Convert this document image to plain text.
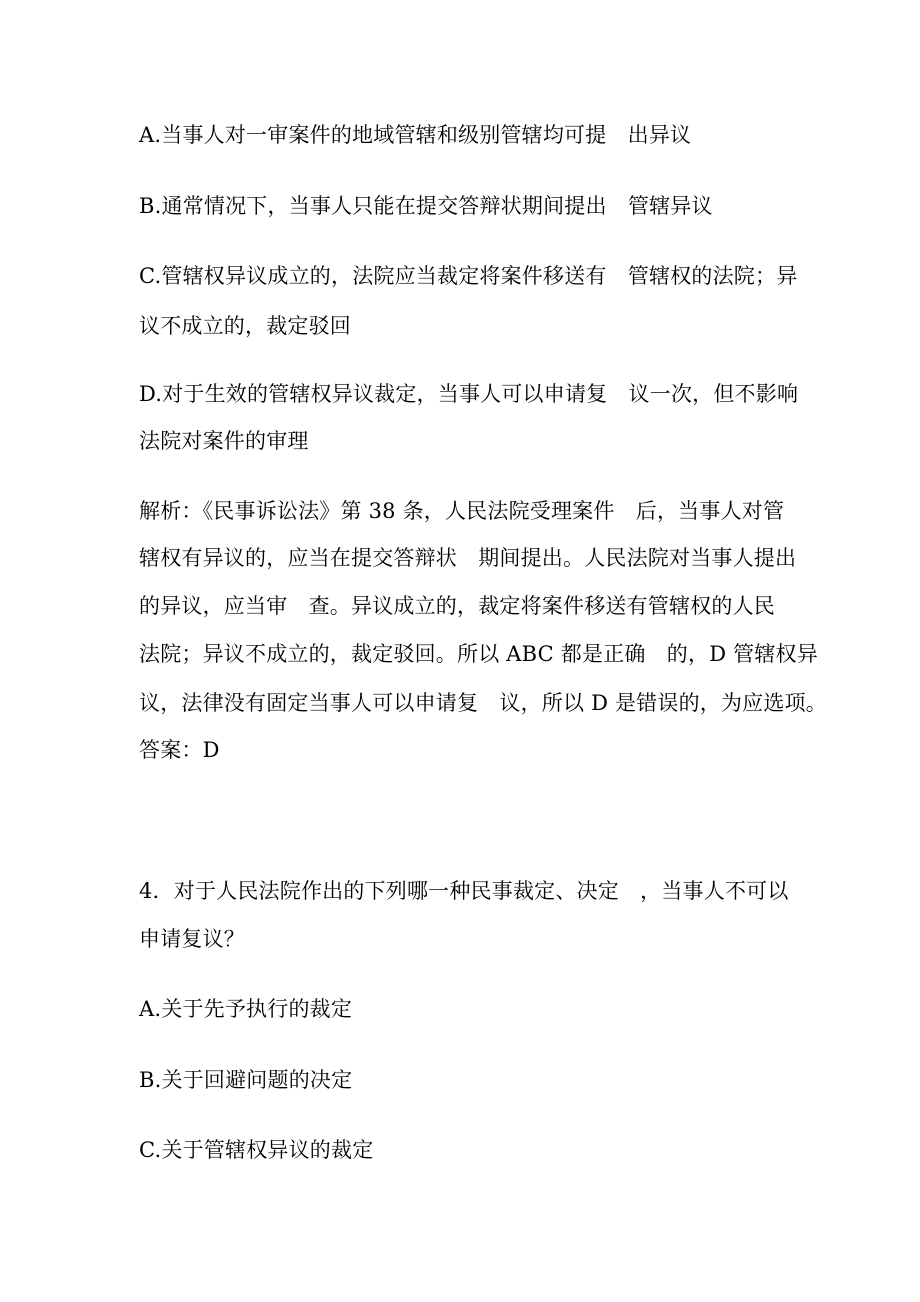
A.当事人对一审案件的地域管辖和级别管辖均可提　出异议
B.通常情况下，当事人只能在提交答辩状期间提出　管辖异议
C.管辖权异议成立的，法院应当裁定将案件移送有　管辖权的法院；异
议不成立的，裁定驳回
D.对于生效的管辖权异议裁定，当事人可以申请复　议一次，但不影响
法院对案件的审理
解析：《民事诉讼法》第 38 条，人民法院受理案件　后，当事人对管
辖权有异议的，应当在提交答辩状　期间提出。人民法院对当事人提出
的异议，应当审　查。异议成立的，裁定将案件移送有管辖权的人民
法院；异议不成立的，裁定驳回。所以 ABC 都是正确　的，D 管辖权异
议，法律没有固定当事人可以申请复　议，所以 D 是错误的，为应选项。
答案：D
4．对于人民法院作出的下列哪一种民事裁定、决定　，当事人不可以
申请复议？
A.关于先予执行的裁定
B.关于回避问题的决定
C.关于管辖权异议的裁定
